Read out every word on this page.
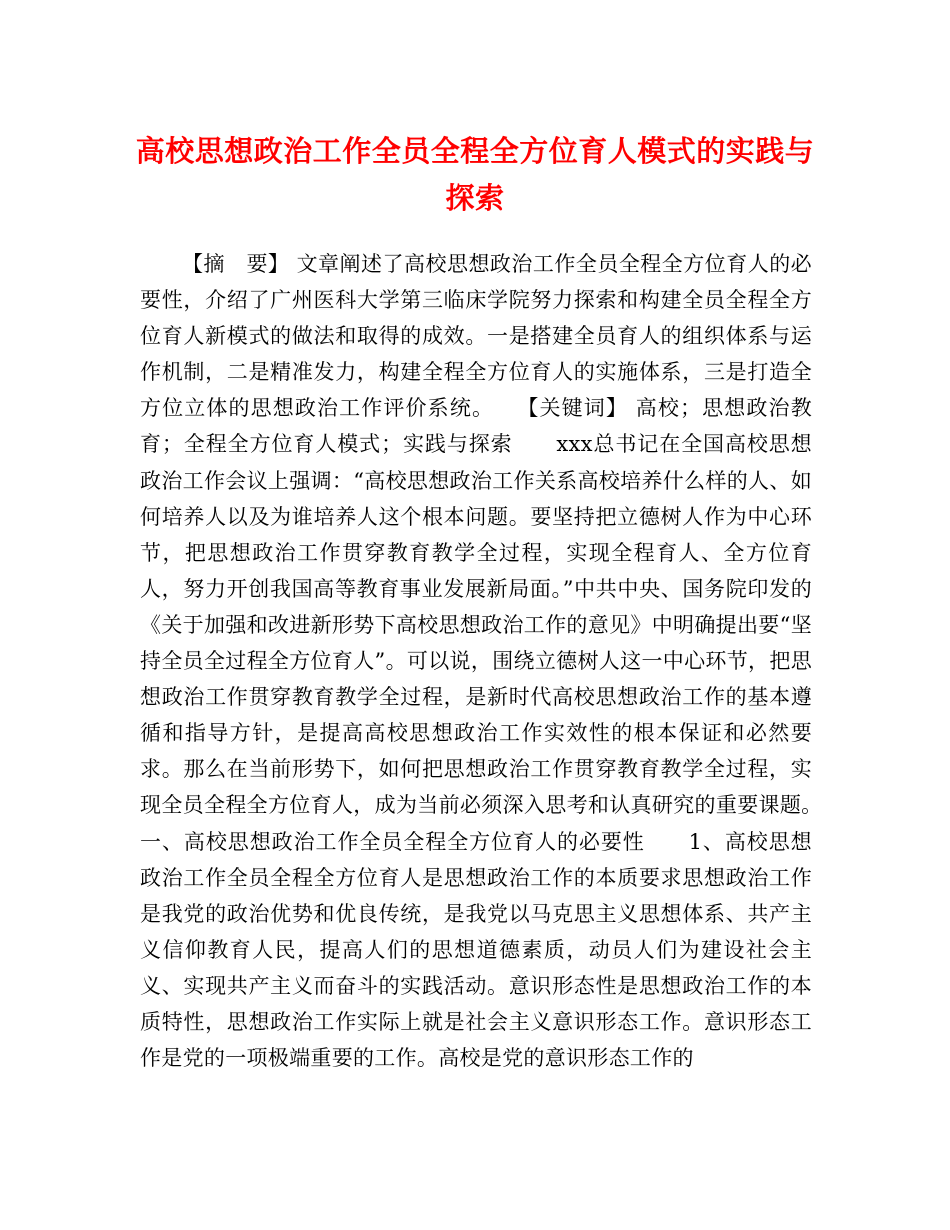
高校思想政治工作全员全程全方位育人模式的实践与探索
【摘　要】 文章阐述了高校思想政治工作全员全程全方位育人的必要性，介绍了广州医科大学第三临床学院努力探索和构建全员全程全方位育人新模式的做法和取得的成效。一是搭建全员育人的组织体系与运作机制，二是精准发力，构建全程全方位育人的实施体系，三是打造全方位立体的思想政治工作评价系统。　　【关键词】 高校；思想政治教育；全程全方位育人模式；实践与探索　　xxx总书记在全国高校思想政治工作会议上强调：“高校思想政治工作关系高校培养什么样的人、如何培养人以及为谁培养人这个根本问题。要坚持把立德树人作为中心环节，把思想政治工作贯穿教育教学全过程，实现全程育人、全方位育人，努力开创我国高等教育事业发展新局面。”中共中央、国务院印发的《关于加强和改进新形势下高校思想政治工作的意见》中明确提出要“坚持全员全过程全方位育人”。可以说，围绕立德树人这一中心环节，把思想政治工作贯穿教育教学全过程，是新时代高校思想政治工作的基本遵循和指导方针，是提高高校思想政治工作实效性的根本保证和必然要求。那么在当前形势下，如何把思想政治工作贯穿教育教学全过程，实现全员全程全方位育人，成为当前必须深入思考和认真研究的重要课题。　　一、高校思想政治工作全员全程全方位育人的必要性　　1、高校思想政治工作全员全程全方位育人是思想政治工作的本质要求思想政治工作是我党的政治优势和优良传统，是我党以马克思主义思想体系、共产主义信仰教育人民，提高人们的思想道德素质，动员人们为建设社会主义、实现共产主义而奋斗的实践活动。意识形态性是思想政治工作的本质特性，思想政治工作实际上就是社会主义意识形态工作。意识形态工作是党的一项极端重要的工作。高校是党的意识形态工作的
